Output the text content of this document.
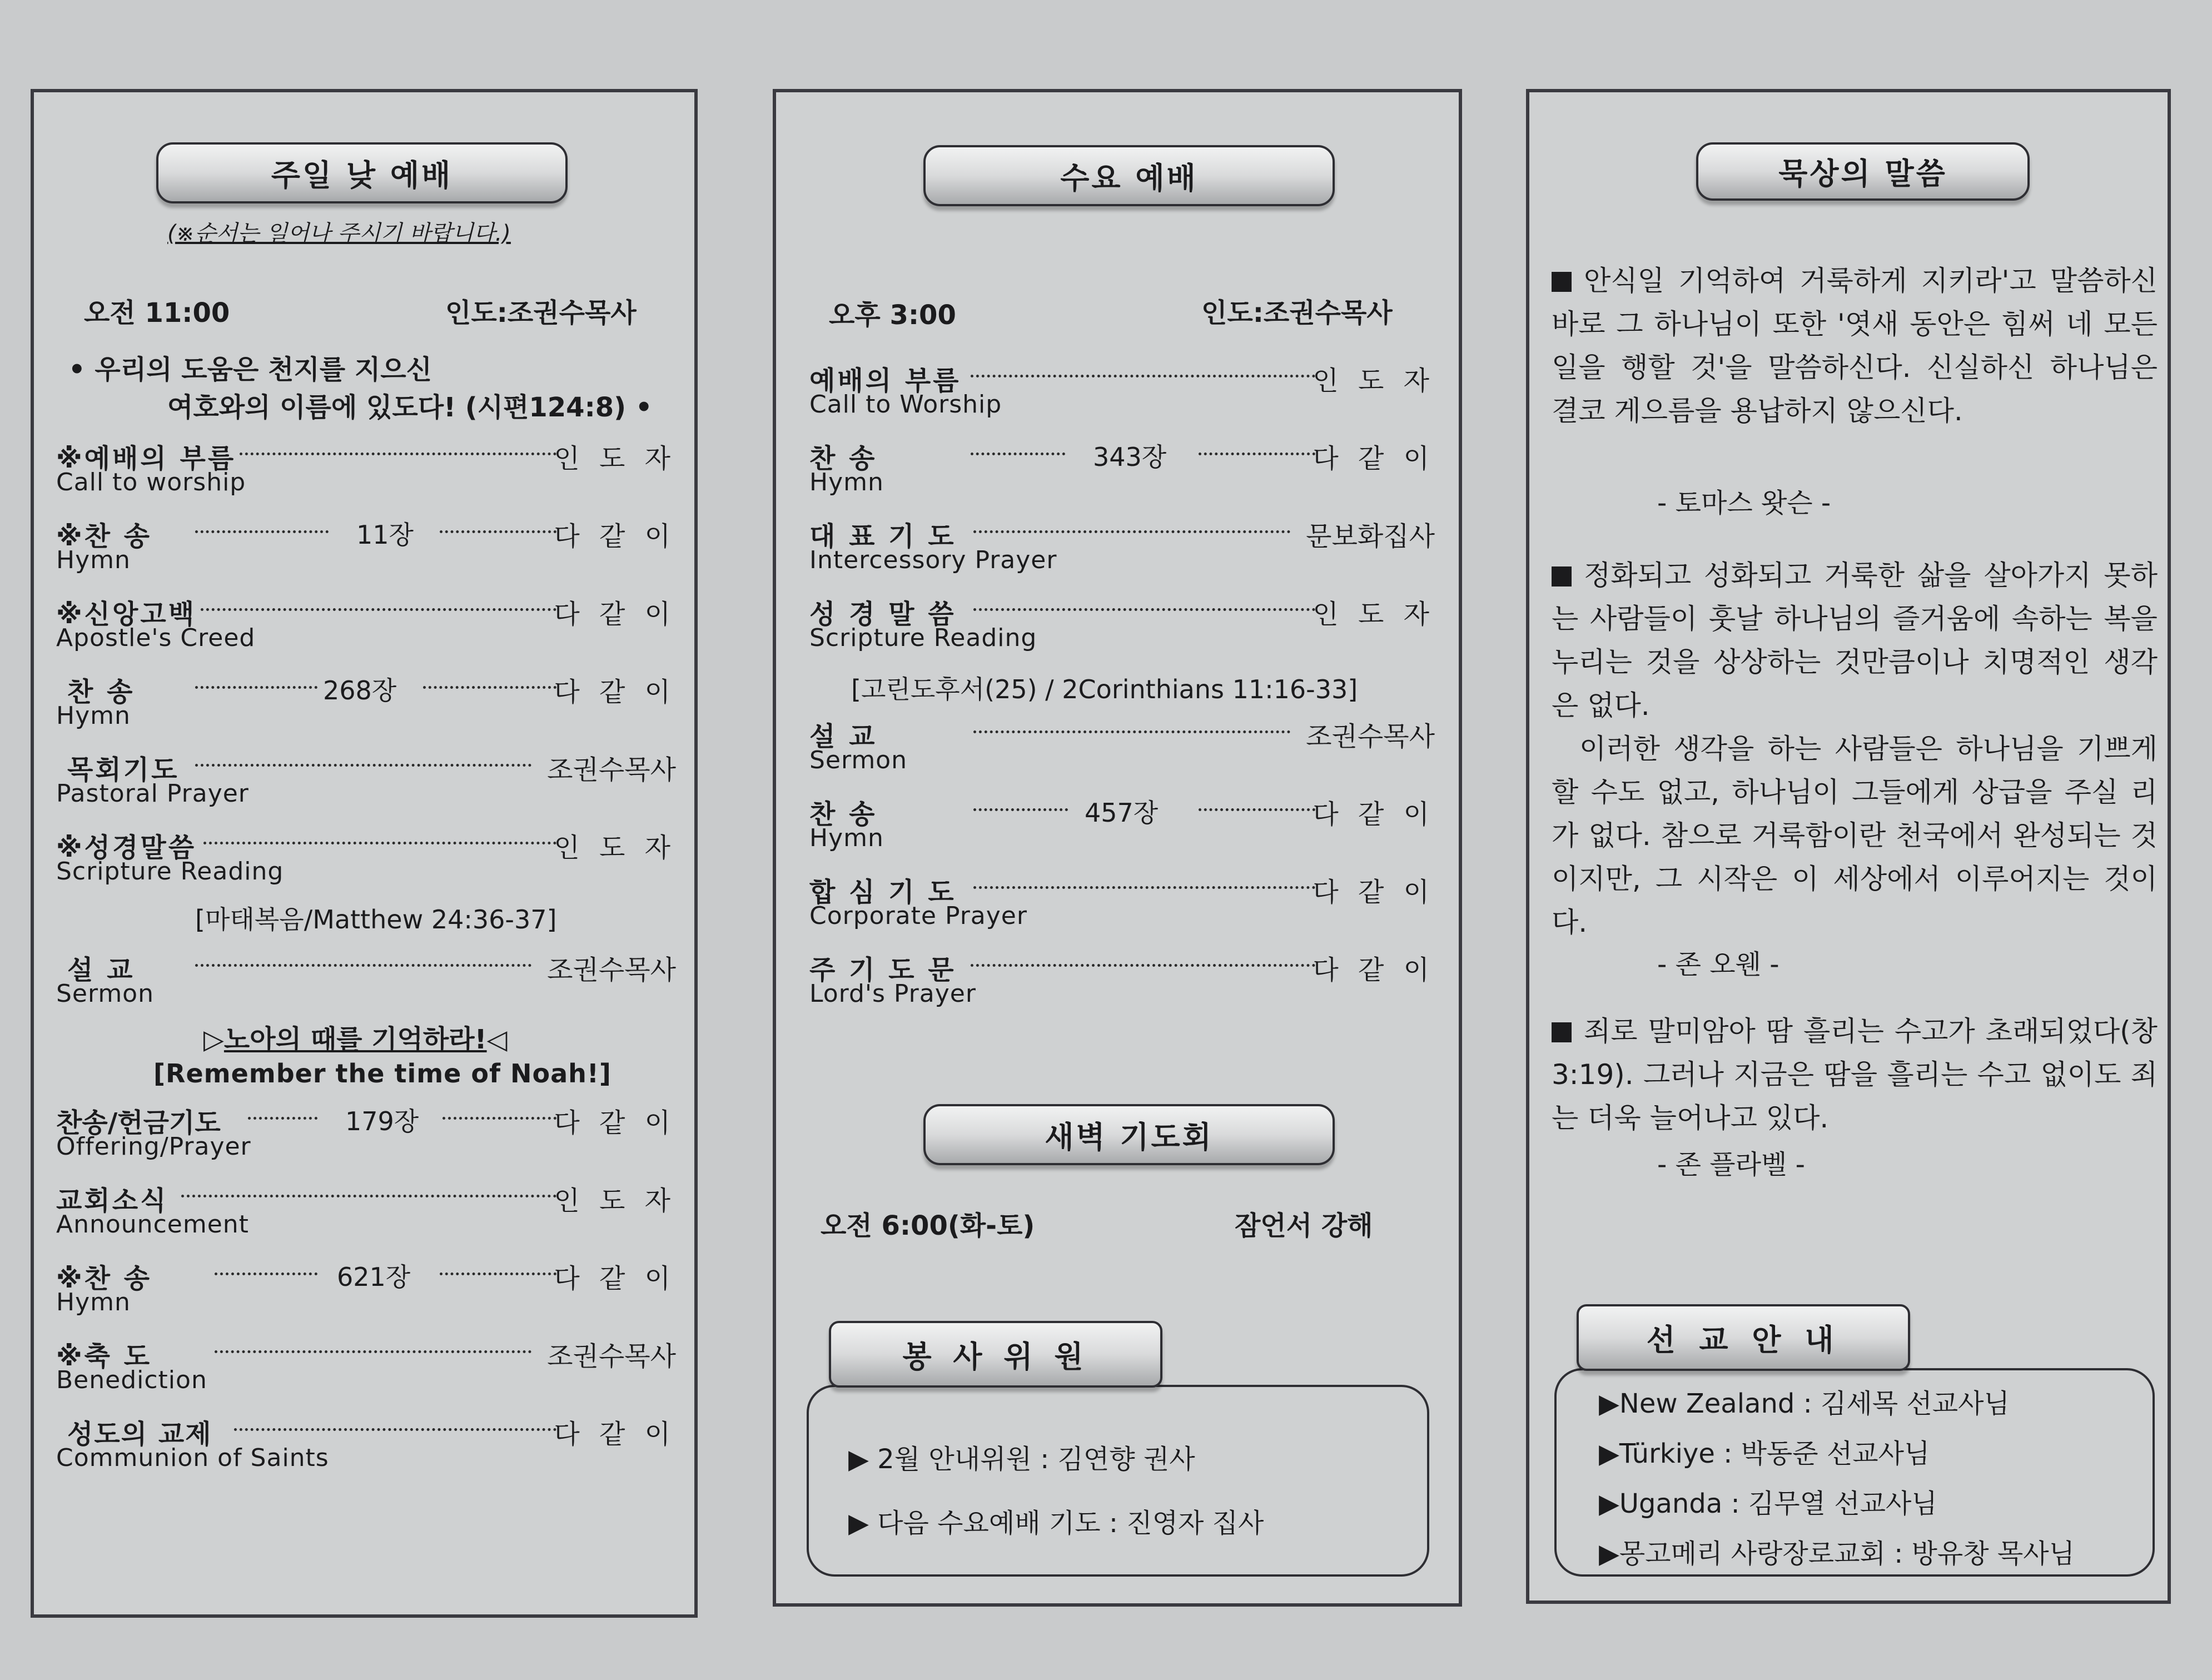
주일 낮 예배
(※순서는 일어나 주시기 바랍니다.)
오전 11:00	인도:조권수목사
• 우리의 도움은 천지를 지으신
여호와의 이름에 있도다! (시편124:8) •
※예배의 부름	인 도 자
Call to worship
※찬 송	11장	다 같 이
Hymn
※신앙고백	다 같 이
Apostle's Creed
찬 송	268장	다 같 이
Hymn
목회기도	조권수목사
Pastoral Prayer
※성경말씀	인 도 자
Scripture Reading
[마태복음/Matthew 24:36-37]
설 교	조권수목사
Sermon
▷노아의 때를 기억하라!◁
[Remember the time of Noah!]
찬송/헌금기도	179장	다 같 이
Offering/Prayer
교회소식	인 도 자
Announcement
※찬 송	621장	다 같 이
Hymn
※축 도	조권수목사
Benediction
성도의 교제	다 같 이
Communion of Saints
수요 예배
오후 3:00	인도:조권수목사
예배의 부름	인 도 자
Call to Worship
찬 송	343장	다 같 이
Hymn
대 표 기 도	문보화집사
Intercessory Prayer
성 경 말 씀	인 도 자
Scripture Reading
[고린도후서(25) / 2Corinthians 11:16-33]
설 교	조권수목사
Sermon
찬 송	457장	다 같 이
Hymn
합 심 기 도	다 같 이
Corporate Prayer
주 기 도 문	다 같 이
Lord's Prayer
새벽 기도회
오전 6:00(화-토)	잠언서 강해
봉 사 위 원
▶ 2월 안내위원 : 김연향 권사
▶ 다음 수요예배 기도 : 진영자 집사
묵상의 말씀
안식일 기억하여 거룩하게 지키라'고 말씀하신 바로 그 하나님이 또한 '엿새 동안은 힘써 네 모든 일을 행할 것'을 말씀하신다. 신실하신 하나님은 결코 게으름을 용납하지 않으신다.
- 토마스 왓슨 -
정화되고 성화되고 거룩한 삶을 살아가지 못하는 사람들이 훗날 하나님의 즐거움에 속하는 복을 누리는 것을 상상하는 것만큼이나 치명적인 생각은 없다.
이러한 생각을 하는 사람들은 하나님을 기쁘게 할 수도 없고, 하나님이 그들에게 상급을 주실 리가 없다. 참으로 거룩함이란 천국에서 완성되는 것이지만, 그 시작은 이 세상에서 이루어지는 것이다.
- 존 오웬 -
죄로 말미암아 땀 흘리는 수고가 초래되었다(창3:19). 그러나 지금은 땀을 흘리는 수고 없이도 죄는 더욱 늘어나고 있다.
- 존 플라벨 -
선 교 안 내
▶New Zealand : 김세목 선교사님
▶Türkiye : 박동준 선교사님
▶Uganda : 김무열 선교사님
▶몽고메리 사랑장로교회 : 방유창 목사님
